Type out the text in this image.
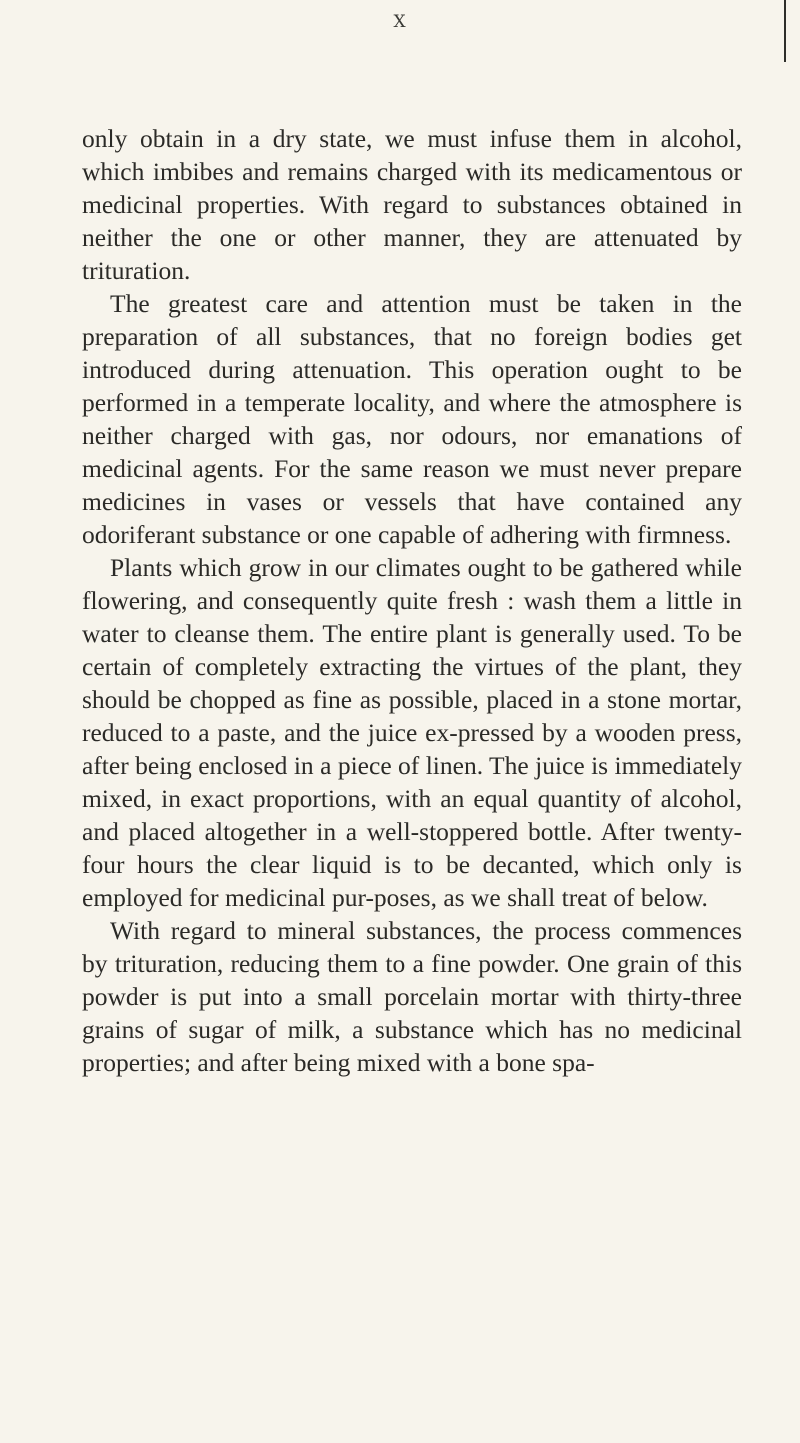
X

only obtain in a dry state, we must infuse them in alcohol, which imbibes and remains charged with its medicamentous or medicinal properties. With regard to substances obtained in neither the one or other manner, they are attenuated by trituration.

The greatest care and attention must be taken in the preparation of all substances, that no foreign bodies get introduced during attenuation. This operation ought to be performed in a temperate locality, and where the atmosphere is neither charged with gas, nor odours, nor emanations of medicinal agents. For the same reason we must never prepare medicines in vases or vessels that have contained any odoriferant substance or one capable of adhering with firmness.

Plants which grow in our climates ought to be gathered while flowering, and consequently quite fresh : wash them a little in water to cleanse them. The entire plant is generally used. To be certain of completely extracting the virtues of the plant, they should be chopped as fine as possible, placed in a stone mortar, reduced to a paste, and the juice ex-pressed by a wooden press, after being enclosed in a piece of linen. The juice is immediately mixed, in exact proportions, with an equal quantity of alcohol, and placed altogether in a well-stoppered bottle. After twenty-four hours the clear liquid is to be decanted, which only is employed for medicinal pur-poses, as we shall treat of below.

With regard to mineral substances, the process commences by trituration, reducing them to a fine powder. One grain of this powder is put into a small porcelain mortar with thirty-three grains of sugar of milk, a substance which has no medicinal properties; and after being mixed with a bone spa-
